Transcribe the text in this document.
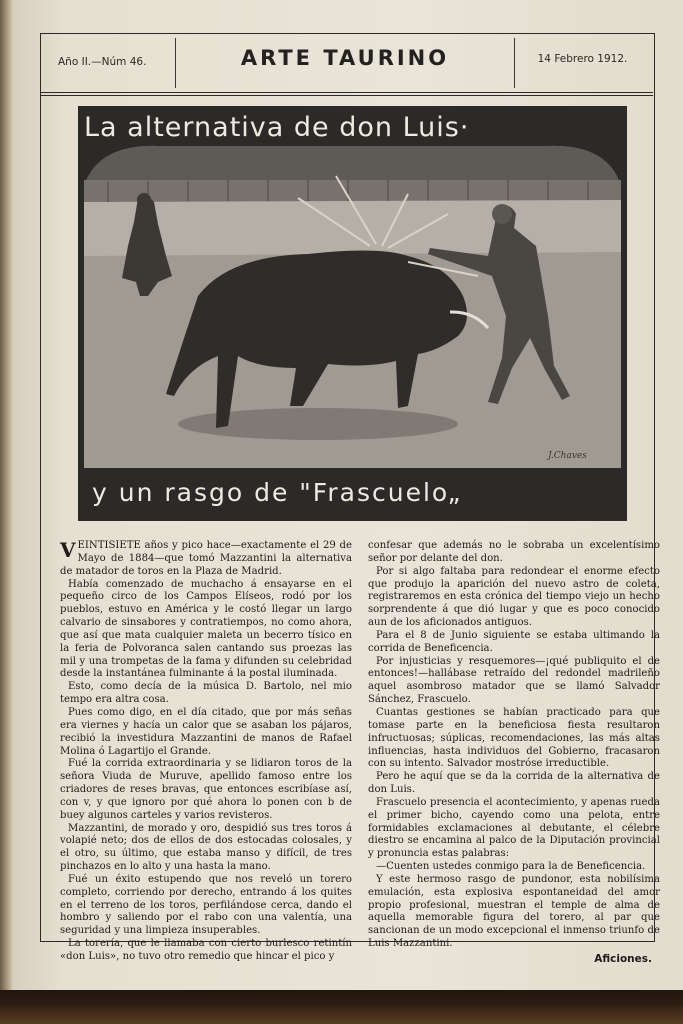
Año II.—Núm 46.	ARTE TAURINO	14 Febrero 1912.
J.Chaves
La alternativa de don Luis·
y un rasgo de "Frascuelo„

VEINTISIETE años y pico hace—exactamente el 29 de Mayo de 1884—que tomó Mazzantini la alternativa de matador de toros en la Plaza de Madrid.

Había comenzado de muchacho á ensayarse en el pequeño circo de los Campos Elíseos, rodó por los pueblos, estuvo en América y le costó llegar un largo calvario de sinsabores y contratiempos, no como ahora, que así que mata cualquier maleta un becerro tísico en la feria de Polvoranca salen cantando sus proezas las mil y una trompetas de la fama y difunden su celebridad desde la instantánea fulminante á la postal iluminada.

Esto, como decía de la música D. Bartolo, nel mio tempo era altra cosa.

Pues como digo, en el día citado, que por más señas era viernes y hacía un calor que se asaban los pájaros, recibió la investidura Mazzantini de manos de Rafael Molina ó Lagartijo el Grande.

Fué la corrida extraordinaria y se lidiaron toros de la señora Viuda de Muruve, apellido famoso entre los criadores de reses bravas, que entonces escribíase así, con v, y que ignoro por qué ahora lo ponen con b de buey algunos carteles y varios revisteros.

Mazzantini, de morado y oro, despidió sus tres toros á volapié neto; dos de ellos de dos estocadas colosales, y el otro, su último, que estaba manso y difícil, de tres pinchazos en lo alto y una hasta la mano.

Fué un éxito estupendo que nos reveló un torero completo, corriendo por derecho, entrando á los quites en el terreno de los toros, perfilándose cerca, dando el hombro y saliendo por el rabo con una valentía, una seguridad y una limpieza insuperables.

La torería, que le llamaba con cierto burlesco retintín «don Luis», no tuvo otro remedio que hincar el pico y

confesar que además no le sobraba un excelentísimo señor por delante del don.

Por si algo faltaba para redondear el enorme efecto que produjo la aparición del nuevo astro de coleta, registraremos en esta crónica del tiempo viejo un hecho sorprendente á que dió lugar y que es poco conocido aun de los aficionados antiguos.

Para el 8 de Junio siguiente se estaba ultimando la corrida de Beneficencia.

Por injusticias y resquemores—¡qué publiquito el de entonces!—hallábase retraído del redondel madrileño aquel asombroso matador que se llamó Salvador Sánchez, Frascuelo.

Cuantas gestiones se habían practicado para que tomase parte en la beneficiosa fiesta resultaron infructuosas; súplicas, recomendaciones, las más altas influencias, hasta individuos del Gobierno, fracasaron con su intento. Salvador mostróse irreductible.

Pero he aquí que se da la corrida de la alternativa de don Luis.

Frascuelo presencia el acontecimiento, y apenas rueda el primer bicho, cayendo como una pelota, entre formidables exclamaciones al debutante, el célebre diestro se encamina al palco de la Diputación provincial y pronuncia estas palabras:

—Cuenten ustedes conmigo para la de Beneficencia.

Y este hermoso rasgo de pundonor, esta nobilísima emulación, esta explosiva espontaneidad del amor propio profesional, muestran el temple de alma de aquella memorable figura del torero, al par que sancionan de un modo excepcional el inmenso triunfo de Luis Mazzantini.

Aficiones.
